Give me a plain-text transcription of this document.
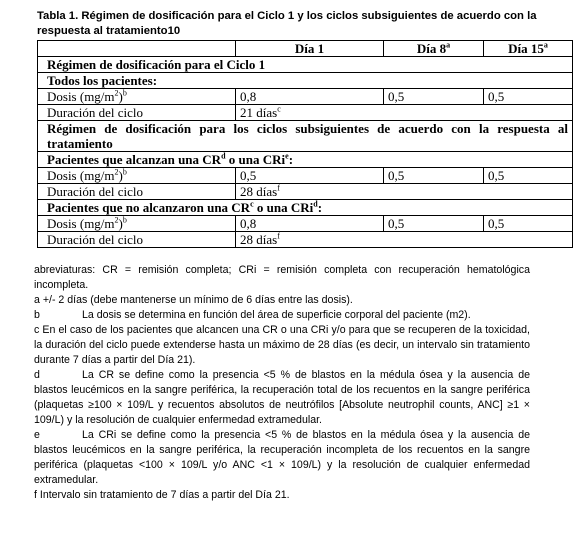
Tabla 1. Régimen de dosificación para el Ciclo 1 y los ciclos subsiguientes de acuerdo con la respuesta al tratamiento10
	Día 1	Día 8$^a$	Día 15$^a$
Régimen de dosificación para el Ciclo 1			
Todos los pacientes:			
Dosis $(mg/m^2)^b$	0,8	0,5	0,5
Duración del ciclo	21 días$^c$
Régimen de dosificación para los ciclos subsiguientes de acuerdo con la respuesta al tratamiento			
Pacientes que alcanzan una $CR^d$ o una CRi$^e$:			
Dosis $(mg/m^2)^b$	0,5	0,5	0,5
Duración del ciclo	28 días$^f$
Pacientes que no alcanzaron una $CR^c$ o una CRi$^d$:			
Dosis $(mg/m^2)^b$	0,8	0,5	0,5
Duración del ciclo	28 días$^f$

abreviaturas: CR = remisión completa; CRi = remisión completa con recuperación hematológica incompleta.

a +/- 2 días (debe mantenerse un mínimo de 6 días entre las dosis).

b	La dosis se determina en función del área de superficie corporal del paciente (m2).

c En el caso de los pacientes que alcancen una CR o una CRi y/o para que se recuperen de la toxicidad, la duración del ciclo puede extenderse hasta un máximo de 28 días (es decir, un intervalo sin tratamiento durante 7 días a partir del Día 21).

d	La CR se define como la presencia <5 % de blastos en la médula ósea y la ausencia de blastos leucémicos en la sangre periférica, la recuperación total de los recuentos en la sangre periférica (plaquetas ≥100 × 109/L y recuentos absolutos de neutrófilos [Absolute neutrophil counts, ANC] ≥1 × 109/L) y la resolución de cualquier enfermedad extramedular.

e	La CRi se define como la presencia <5 % de blastos en la médula ósea y la ausencia de blastos leucémicos en la sangre periférica, la recuperación incompleta de los recuentos en la sangre periférica (plaquetas <100 × 109/L y/o ANC <1 × 109/L) y la resolución de cualquier enfermedad extramedular.

f Intervalo sin tratamiento de 7 días a partir del Día 21.
